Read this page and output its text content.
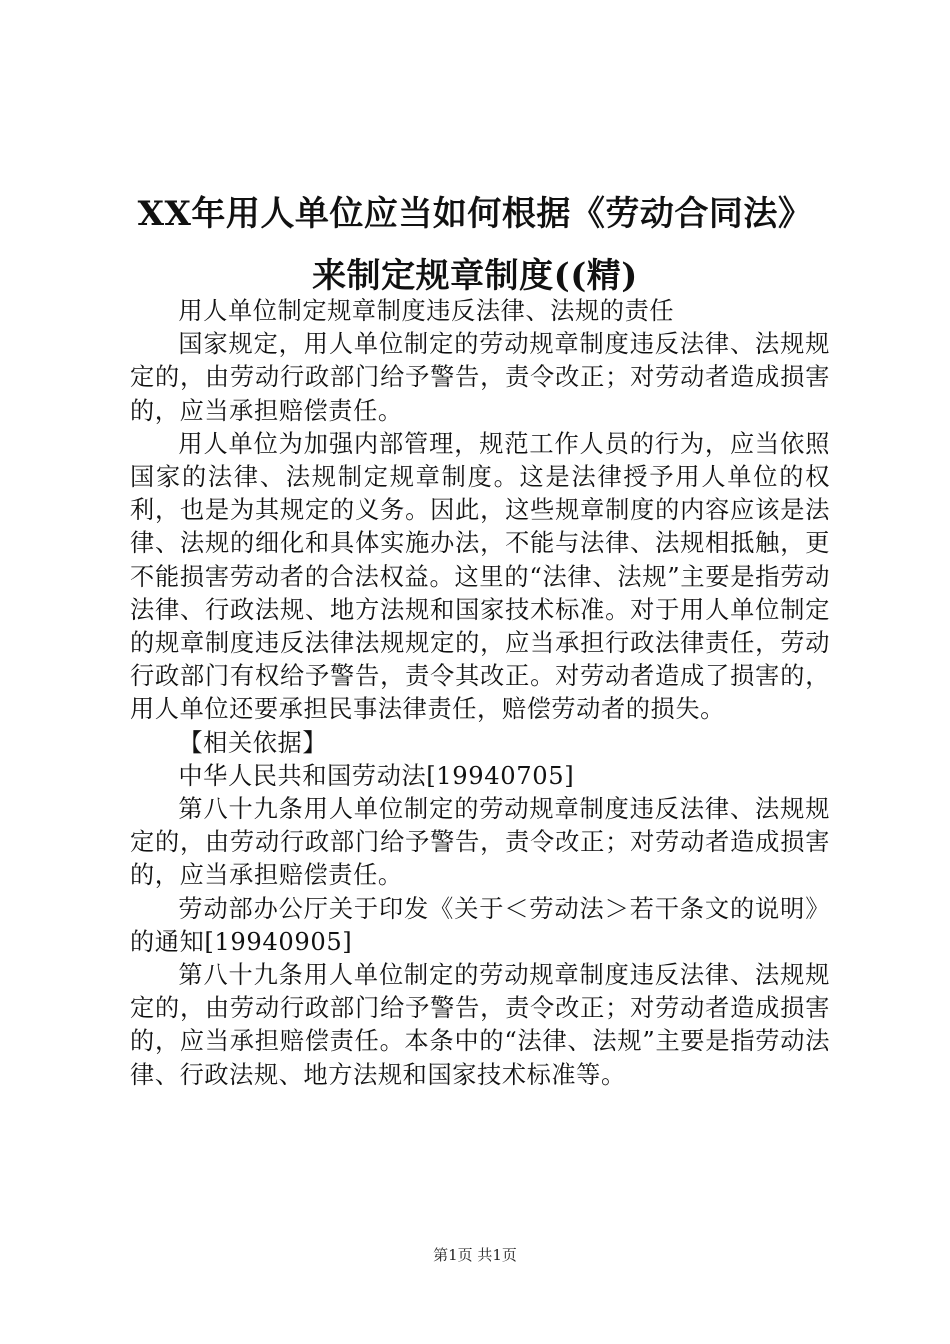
XX年用人单位应当如何根据《劳动合同法》
来制定规章制度((精)

用人单位制定规章制度违反法律、法规的责任

国家规定，用人单位制定的劳动规章制度违反法律、法规规定的，由劳动行政部门给予警告，责令改正；对劳动者造成损害的，应当承担赔偿责任。

用人单位为加强内部管理，规范工作人员的行为，应当依照国家的法律、法规制定规章制度。这是法律授予用人单位的权利，也是为其规定的义务。因此，这些规章制度的内容应该是法律、法规的细化和具体实施办法，不能与法律、法规相抵触，更不能损害劳动者的合法权益。这里的“法律、法规”主要是指劳动法律、行政法规、地方法规和国家技术标准。对于用人单位制定的规章制度违反法律法规规定的，应当承担行政法律责任，劳动行政部门有权给予警告，责令其改正。对劳动者造成了损害的，用人单位还要承担民事法律责任，赔偿劳动者的损失。

【相关依据】

中华人民共和国劳动法[19940705]

第八十九条用人单位制定的劳动规章制度违反法律、法规规定的，由劳动行政部门给予警告，责令改正；对劳动者造成损害的，应当承担赔偿责任。

劳动部办公厅关于印发《关于＜劳动法＞若干条文的说明》的通知[19940905]

第八十九条用人单位制定的劳动规章制度违反法律、法规规定的，由劳动行政部门给予警告，责令改正；对劳动者造成损害的，应当承担赔偿责任。本条中的“法律、法规”主要是指劳动法律、行政法规、地方法规和国家技术标准等。

第1页 共1页
